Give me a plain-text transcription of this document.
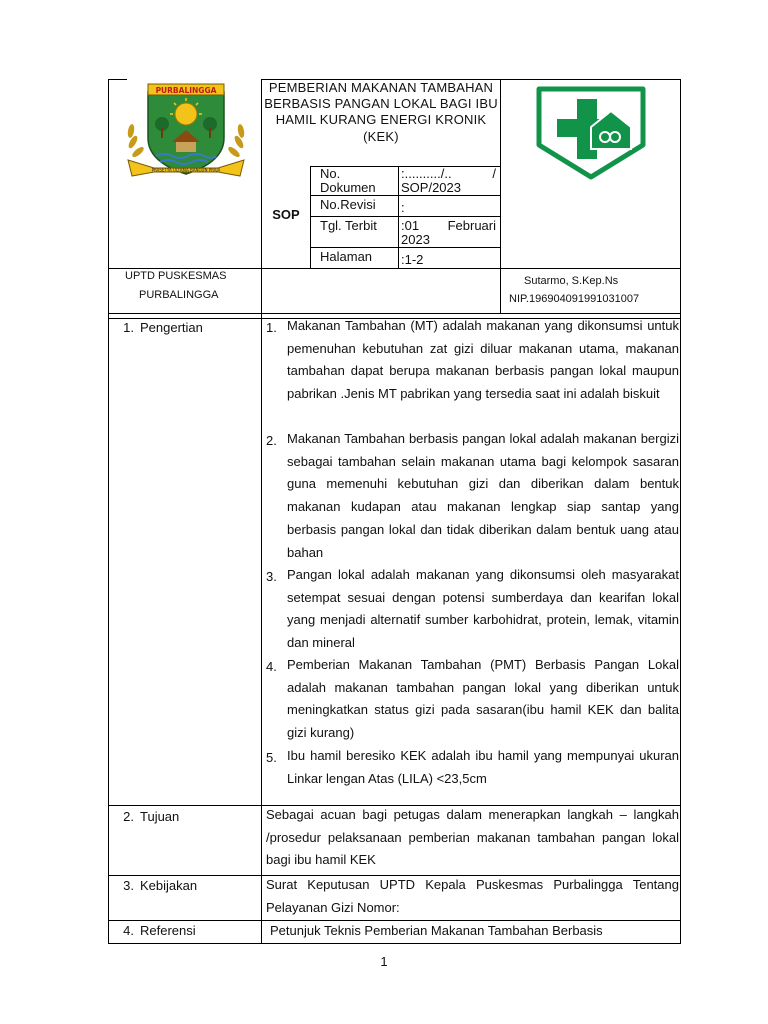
PURBALINGGA
PRASETYA ULTAMA BANGUN PRAJA
PEMBERIAN MAKANAN TAMBAHAN BERBASIS PANGAN LOKAL BAGI IBU HAMIL KURANG ENERGI KRONIK (KEK)
SOP
No. Dokumen
:........../.. / SOP/2023
No.Revisi :
Tgl. Terbit	:01 Februari 2023
Halaman :1-2
UPTD PUSKESMAS
PURBALINGGA
Sutarmo, S.Kep.Ns
NIP.196904091991031007
1. Pengertian	1. Makanan Tambahan (MT) adalah makanan yang dikonsumsi untuk pemenuhan kebutuhan zat gizi diluar makanan utama, makanan tambahan dapat berupa makanan berbasis pangan lokal maupun pabrikan .Jenis MT pabrikan yang tersedia saat ini adalah biskuit
2. Makanan Tambahan berbasis pangan lokal adalah makanan bergizi sebagai tambahan selain makanan utama bagi kelompok sasaran guna memenuhi kebutuhan gizi dan diberikan dalam bentuk makanan kudapan atau makanan lengkap siap santap yang berbasis pangan lokal dan tidak diberikan dalam bentuk uang atau bahan
3. Pangan lokal adalah makanan yang dikonsumsi oleh masyarakat setempat sesuai dengan potensi sumberdaya dan kearifan lokal yang menjadi alternatif sumber karbohidrat, protein, lemak, vitamin dan mineral
4. Pemberian Makanan Tambahan (PMT) Berbasis Pangan Lokal adalah makanan tambahan pangan lokal yang diberikan untuk meningkatkan status gizi pada sasaran(ibu hamil KEK dan balita gizi kurang)
5. Ibu hamil beresiko KEK adalah ibu hamil yang mempunyai ukuran Linkar lengan Atas (LILA) <23,5cm
2. Tujuan	Sebagai acuan bagi petugas dalam menerapkan langkah – langkah /prosedur pelaksanaan pemberian makanan tambahan pangan lokal bagi ibu hamil KEK
3. Kebijakan	Surat Keputusan UPTD Kepala Puskesmas Purbalingga Tentang Pelayanan Gizi Nomor:
4. Referensi	Petunjuk Teknis Pemberian Makanan Tambahan Berbasis
1
